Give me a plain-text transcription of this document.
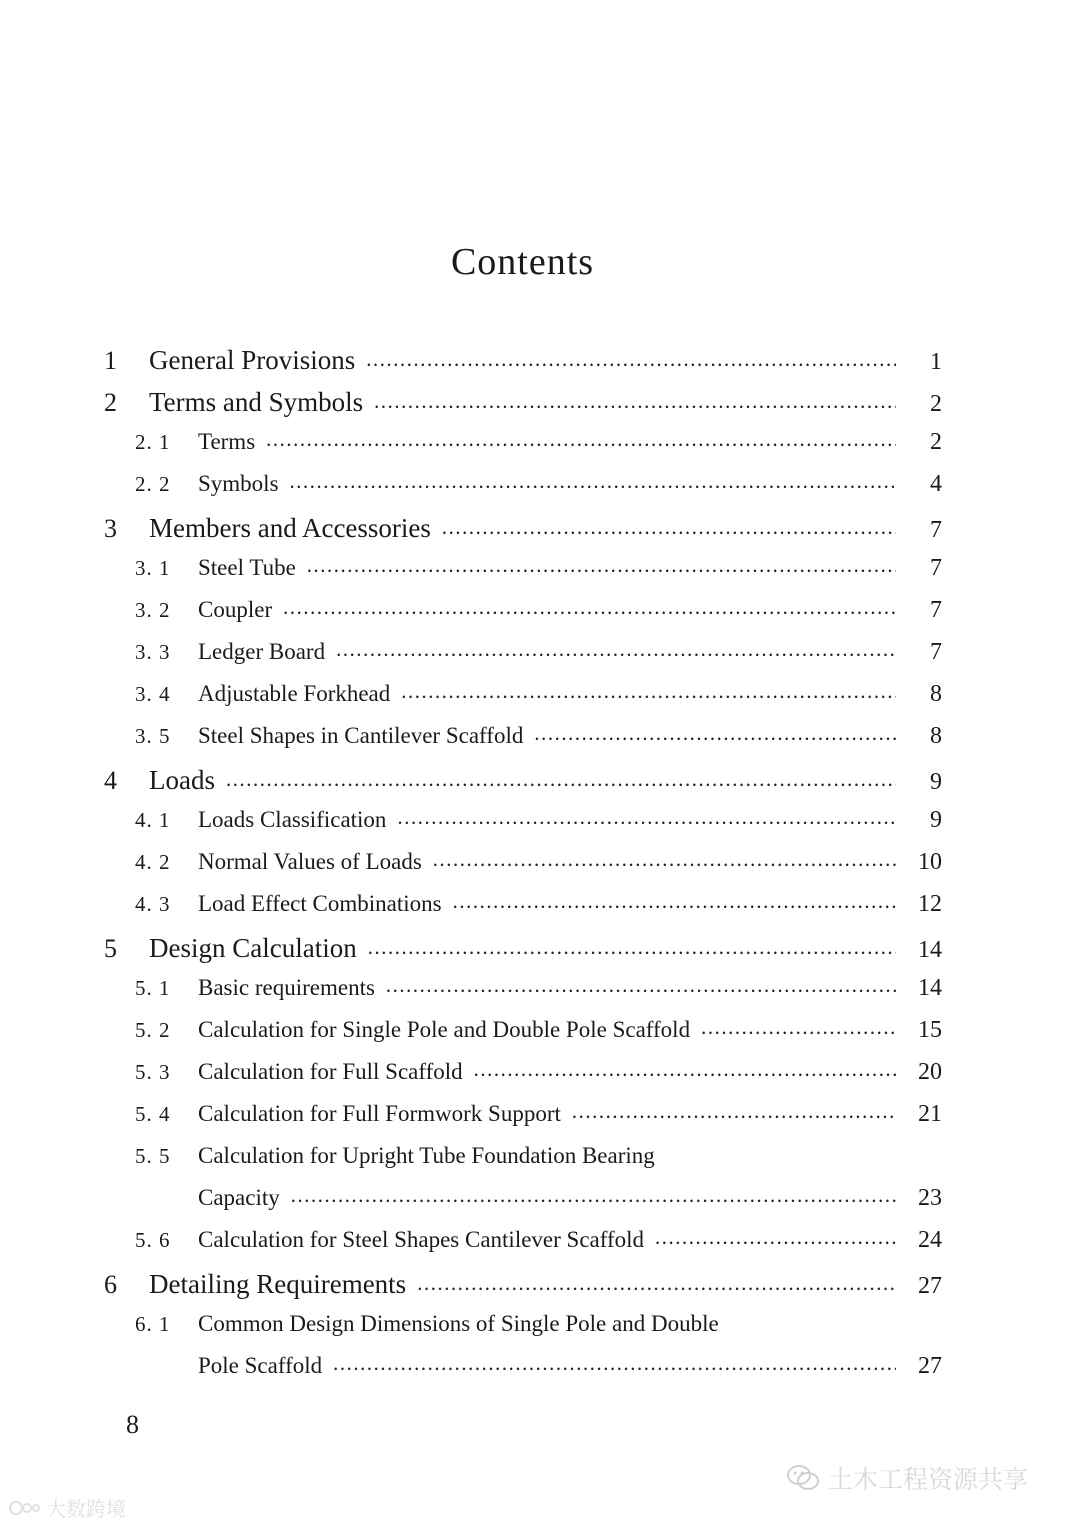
Contents
1	General Provisions •••••	1
2	Terms and Symbols •••••	2
2. 1	Terms •••••	2
2. 2	Symbols •••••	4
3	Members and Accessories •••••	7
3. 1	Steel Tube •••••	7
3. 2	Coupler •••••	7
3. 3	Ledger Board •••••	7
3. 4	Adjustable Forkhead •••••	8
3. 5	Steel Shapes in Cantilever Scaffold •••••	8
4	Loads •••••	9
4. 1	Loads Classification •••••	9
4. 2	Normal Values of Loads •••••	10
4. 3	Load Effect Combinations •••••	12
5	Design Calculation •••••	14
5. 1	Basic requirements •••••	14
5. 2	Calculation for Single Pole and Double Pole Scaffold •••••	15
5. 3	Calculation for Full Scaffold •••••	20
5. 4	Calculation for Full Formwork Support •••••	21
5. 5	Calculation for Upright Tube Foundation Bearing
Capacity •••••	23
5. 6	Calculation for Steel Shapes Cantilever Scaffold •••••	24
6	Detailing Requirements •••••	27
6. 1	Common Design Dimensions of Single Pole and Double
Pole Scaffold •••••	27
8
土木工程资源共享
大数跨境
